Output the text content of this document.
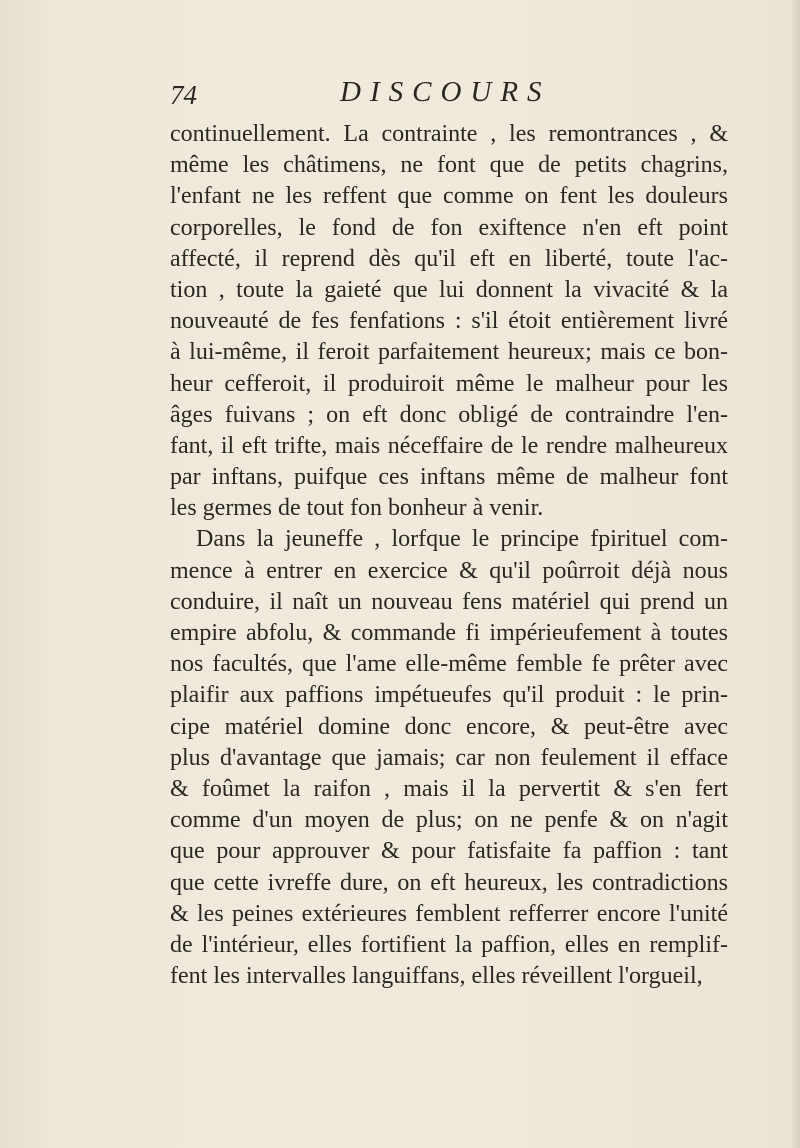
74	DISCOURS
continuellement. La contrainte , les remontrances , &
même les châtimens, ne font que de petits chagrins,
l'enfant ne les reffent que comme on fent les douleurs
corporelles, le fond de fon exiftence n'en eft point
affecté, il reprend dès qu'il eft en liberté, toute l'ac-
tion , toute la gaieté que lui donnent la vivacité & la
nouveauté de fes fenfations : s'il étoit entièrement livré
à lui-même, il feroit parfaitement heureux; mais ce bon-
heur cefferoit, il produiroit même le malheur pour les
âges fuivans ; on eft donc obligé de contraindre l'en-
fant, il eft trifte, mais néceffaire de le rendre malheureux
par inftans, puifque ces inftans même de malheur font
les germes de tout fon bonheur à venir.
Dans la jeuneffe , lorfque le principe fpirituel com-
mence à entrer en exercice & qu'il poûrroit déjà nous
conduire, il naît un nouveau fens matériel qui prend un
empire abfolu, & commande fi impérieufement à toutes
nos facultés, que l'ame elle-même femble fe prêter avec
plaifir aux paffions impétueufes qu'il produit : le prin-
cipe matériel domine donc encore, & peut-être avec
plus d'avantage que jamais; car non feulement il efface
& foûmet la raifon , mais il la pervertit & s'en fert
comme d'un moyen de plus; on ne penfe & on n'agit
que pour approuver & pour fatisfaite fa paffion : tant
que cette ivreffe dure, on eft heureux, les contradictions
& les peines extérieures femblent refferrer encore l'unité
de l'intérieur, elles fortifient la paffion, elles en remplif-
fent les intervalles languiffans, elles réveillent l'orgueil,
